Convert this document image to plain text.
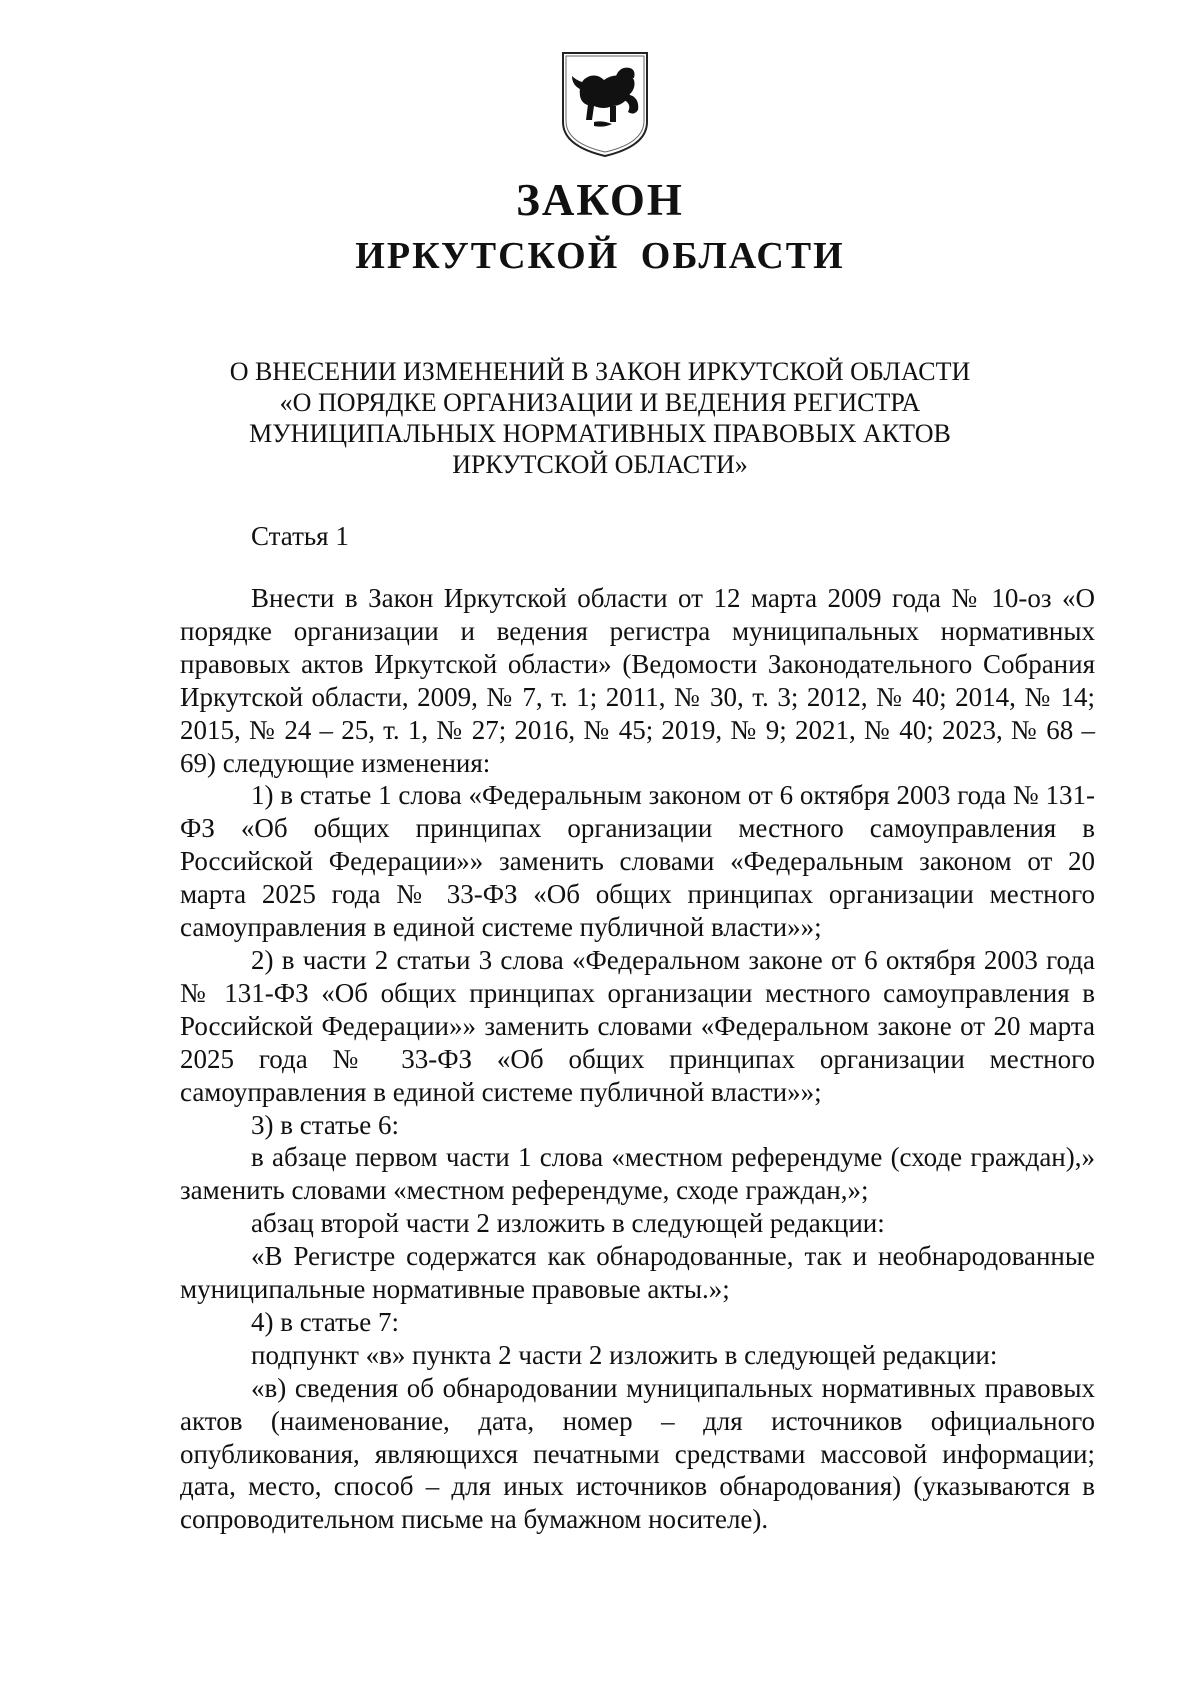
ЗАКОН
ИРКУТСКОЙ ОБЛАСТИ
О ВНЕСЕНИИ ИЗМЕНЕНИЙ В ЗАКОН ИРКУТСКОЙ ОБЛАСТИ
«О ПОРЯДКЕ ОРГАНИЗАЦИИ И ВЕДЕНИЯ РЕГИСТРА
МУНИЦИПАЛЬНЫХ НОРМАТИВНЫХ ПРАВОВЫХ АКТОВ
ИРКУТСКОЙ ОБЛАСТИ»
Статья 1

Внести в Закон Иркутской области от 12 марта 2009 года № 10-оз «О порядке организации и ведения регистра муниципальных нормативных правовых актов Иркутской области» (Ведомости Законодательного Собрания Иркутской области, 2009, № 7, т. 1; 2011, № 30, т. 3; 2012, № 40; 2014, № 14; 2015, № 24 – 25, т. 1, № 27; 2016, № 45; 2019, № 9; 2021, № 40; 2023, № 68 – 69) следующие изменения:

1) в статье 1 слова «Федеральным законом от 6 октября 2003 года № 131-ФЗ «Об общих принципах организации местного самоуправления в Российской Федерации»» заменить словами «Федеральным законом от 20 марта 2025 года № 33-ФЗ «Об общих принципах организации местного самоуправления в единой системе публичной власти»»;

2) в части 2 статьи 3 слова «Федеральном законе от 6 октября 2003 года № 131-ФЗ «Об общих принципах организации местного самоуправления в Российской Федерации»» заменить словами «Федеральном законе от 20 марта 2025 года № 33-ФЗ «Об общих принципах организации местного самоуправления в единой системе публичной власти»»;

3) в статье 6:

в абзаце первом части 1 слова «местном референдуме (сходе граждан),» заменить словами «местном референдуме, сходе граждан,»;

абзац второй части 2 изложить в следующей редакции:

«В Регистре содержатся как обнародованные, так и необнародованные муниципальные нормативные правовые акты.»;

4) в статье 7:

подпункт «в» пункта 2 части 2 изложить в следующей редакции:

«в) сведения об обнародовании муниципальных нормативных правовых актов (наименование, дата, номер – для источников официального опубликования, являющихся печатными средствами массовой информации; дата, место, способ – для иных источников обнародования) (указываются в сопроводительном письме на бумажном носителе).
